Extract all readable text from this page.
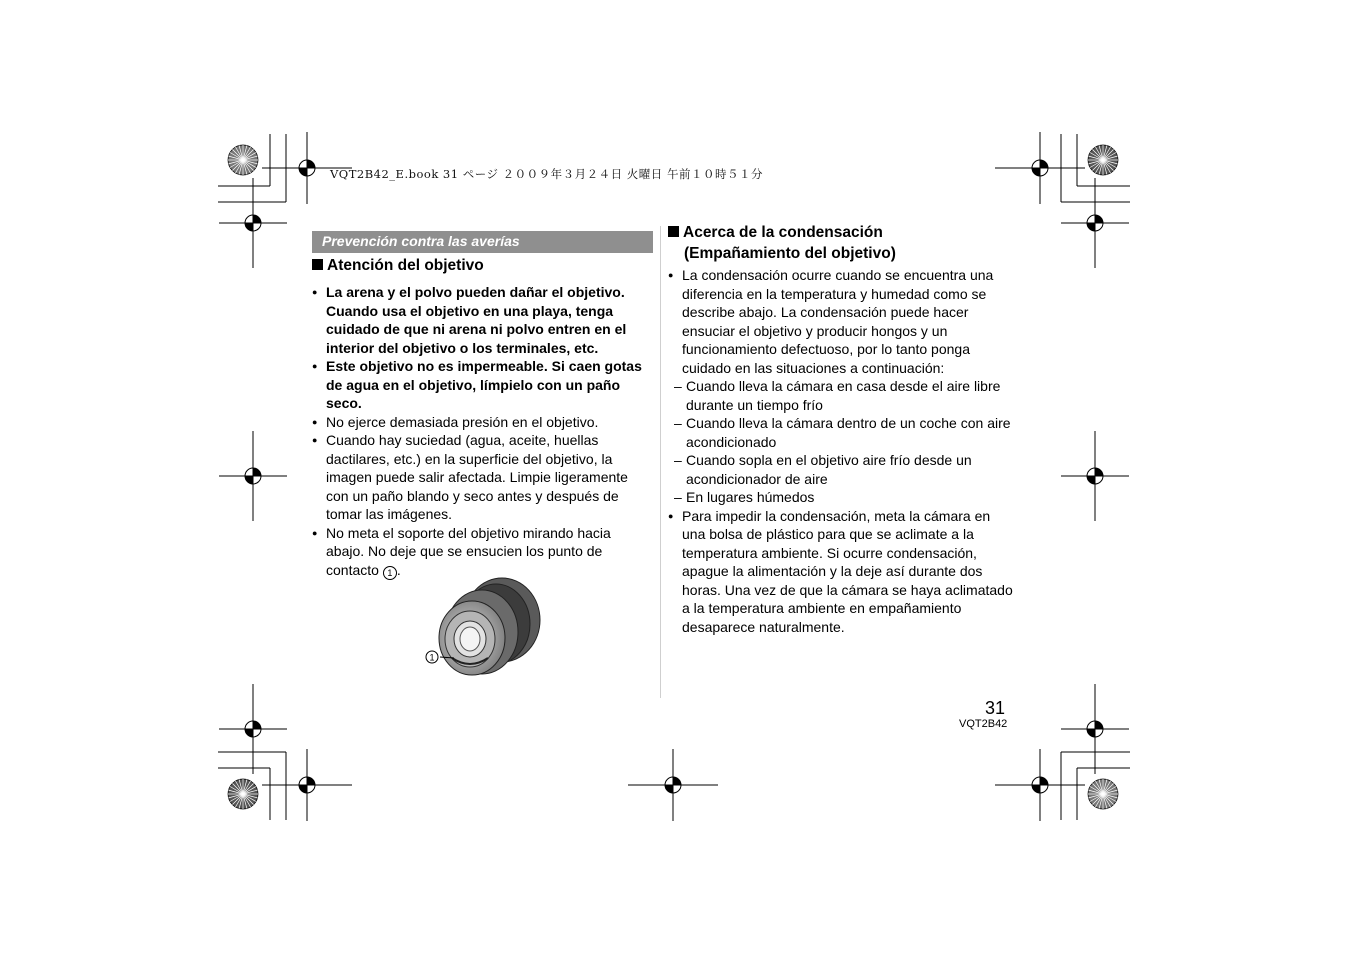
VQT2B42_E.book 31 ページ ２００９年３月２４日 火曜日 午前１０時５１分
Prevención contra las averías
Atención del objetivo
● La arena y el polvo pueden dañar el objetivo. Cuando usa el objetivo en una playa, tenga cuidado de que ni arena ni polvo entren en el interior del objetivo o los terminales, etc.
● Este objetivo no es impermeable. Si caen gotas de agua en el objetivo, límpielo con un paño seco.
● No ejerce demasiada presión en el objetivo.
● Cuando hay suciedad (agua, aceite, huellas dactilares, etc.) en la superficie del objetivo, la imagen puede salir afectada. Limpie ligeramente con un paño blando y seco antes y después de tomar las imágenes.
● No meta el soporte del objetivo mirando hacia abajo. No deje que se ensucien los punto de contacto 1 .
1
Acerca de la condensación
(Empañamiento del objetivo)
● La condensación ocurre cuando se encuentra una diferencia en la temperatura y humedad como se describe abajo. La condensación puede hacer ensuciar el objetivo y producir hongos y un funcionamiento defectuoso, por lo tanto ponga cuidado en las situaciones a continuación:
– Cuando lleva la cámara en casa desde el aire libre durante un tiempo frío
– Cuando lleva la cámara dentro de un coche con aire acondicionado
– Cuando sopla en el objetivo aire frío desde un acondicionador de aire
– En lugares húmedos
● Para impedir la condensación, meta la cámara en una bolsa de plástico para que se aclimate a la temperatura ambiente. Si ocurre condensación, apague la alimentación y la deje así durante dos horas. Una vez de que la cámara se haya aclimatado a la temperatura ambiente en empañamiento desaparece naturalmente.
31
VQT2B42
